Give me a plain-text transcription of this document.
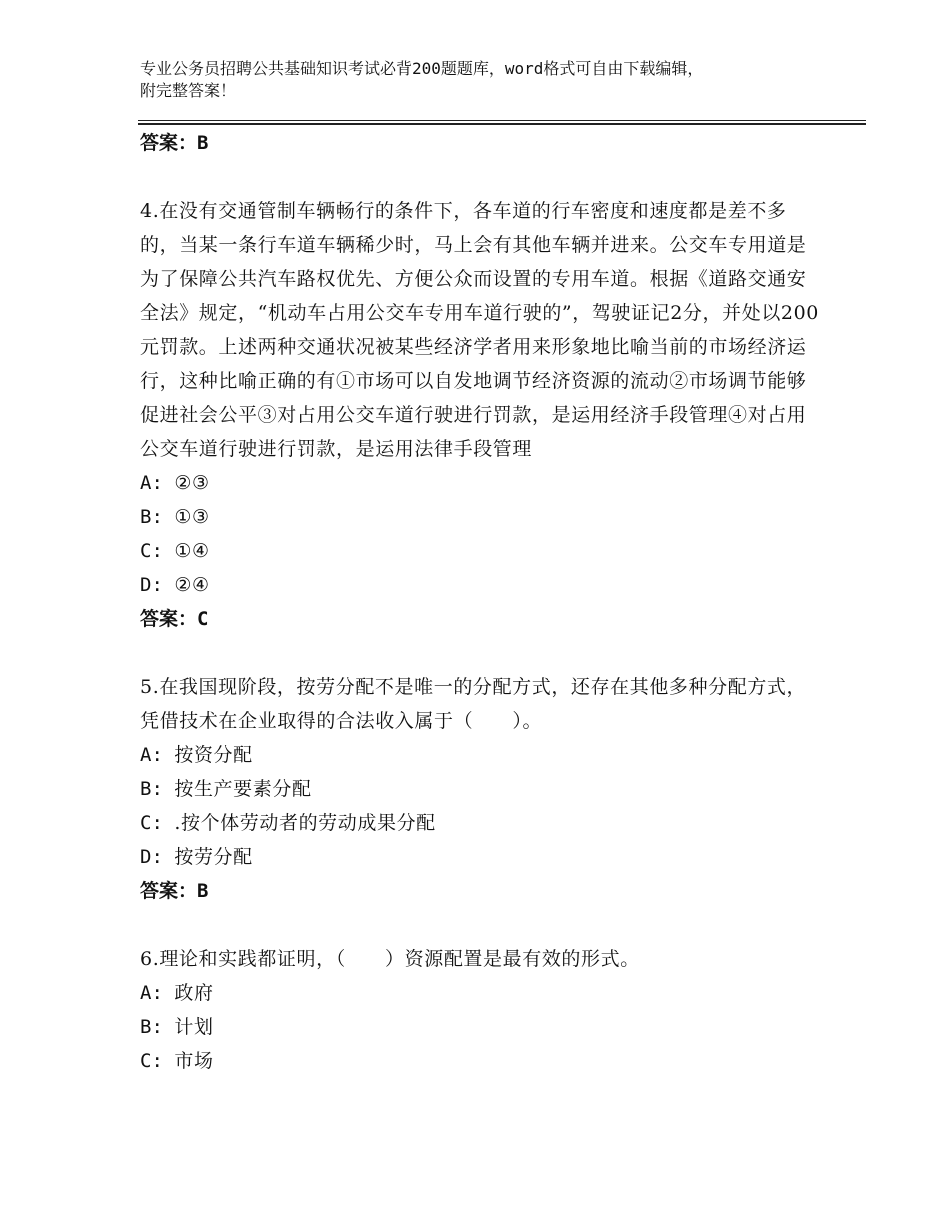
专业公务员招聘公共基础知识考试必背200题题库，word格式可自由下载编辑，
附完整答案！
答案：B
4.在没有交通管制车辆畅行的条件下，各车道的行车密度和速度都是差不多的，当某一条行车道车辆稀少时，马上会有其他车辆并进来。公交车专用道是为了保障公共汽车路权优先、方便公众而设置的专用车道。根据《道路交通安全法》规定，“机动车占用公交车专用车道行驶的”，驾驶证记2分，并处以200元罚款。上述两种交通状况被某些经济学者用来形象地比喻当前的市场经济运行，这种比喻正确的有①市场可以自发地调节经济资源的流动②市场调节能够促进社会公平③对占用公交车道行驶进行罚款，是运用经济手段管理④对占用公交车道行驶进行罚款，是运用法律手段管理
A: ②③
B: ①③
C: ①④
D: ②④
答案：C
5.在我国现阶段，按劳分配不是唯一的分配方式，还存在其他多种分配方式，凭借技术在企业取得的合法收入属于（　　）。
A: 按资分配
B: 按生产要素分配
C: .按个体劳动者的劳动成果分配
D: 按劳分配
答案：B
6.理论和实践都证明，（　　）资源配置是最有效的形式。
A: 政府
B: 计划
C: 市场
